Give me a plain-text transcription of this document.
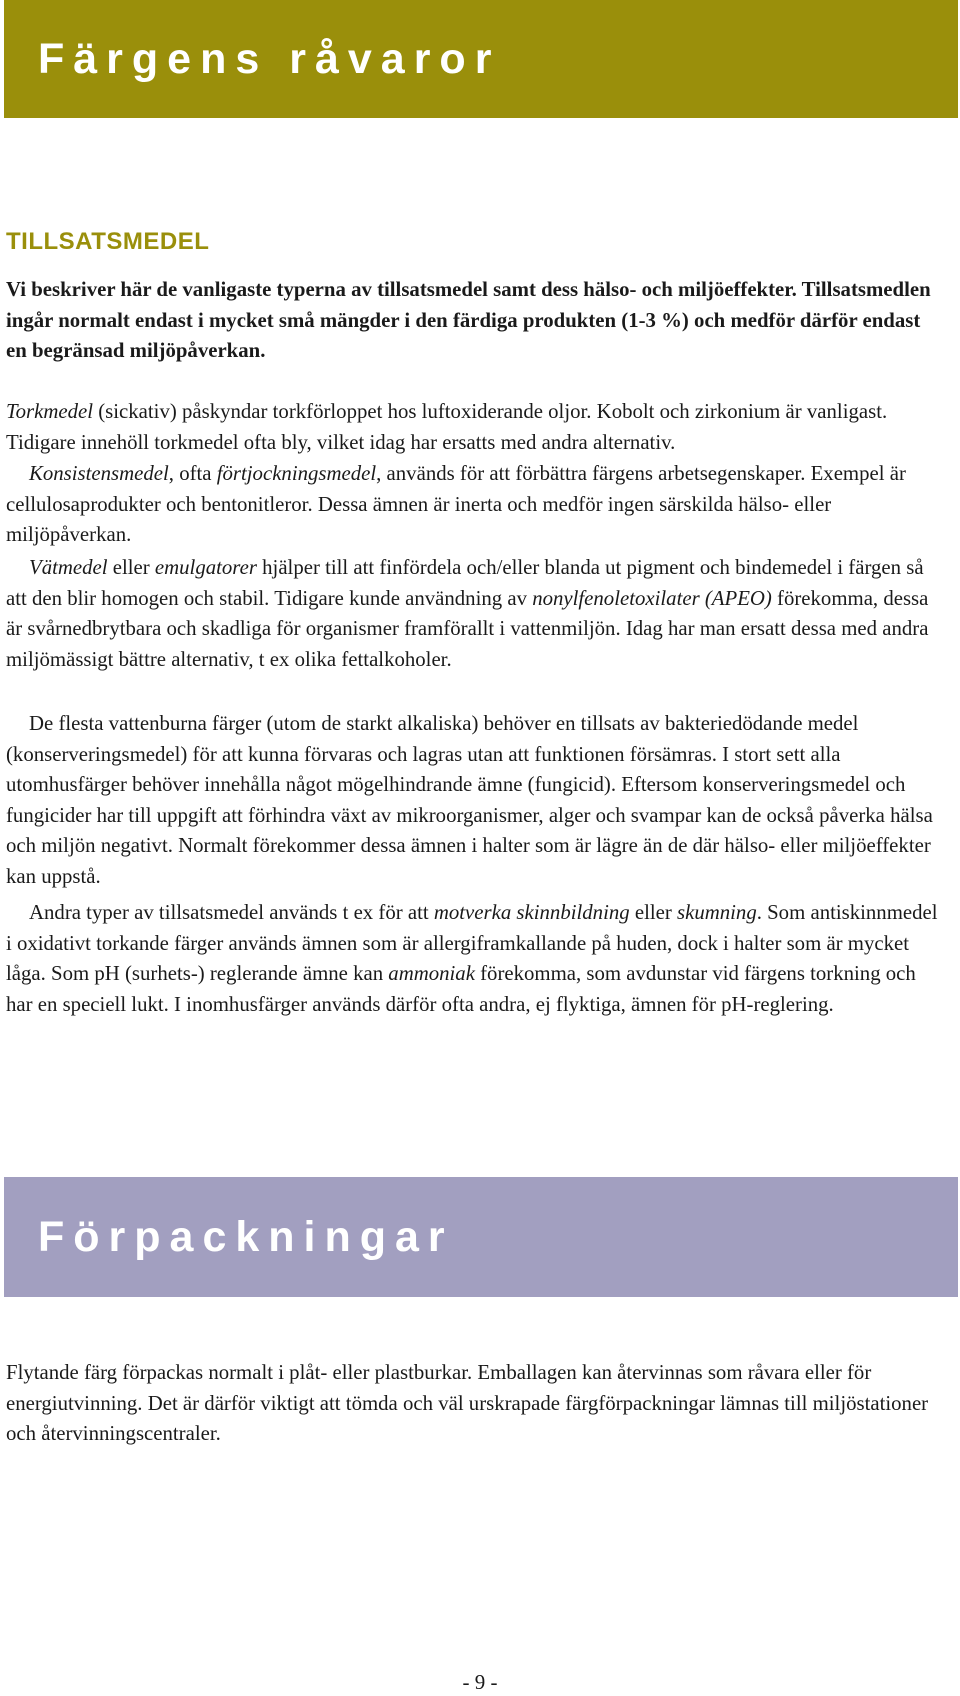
Färgens råvaror
TILLSATSMEDEL

Vi beskriver här de vanligaste typerna av tillsatsmedel samt dess hälso- och miljöeffekter. Tillsatsmedlen ingår normalt endast i mycket små mängder i den färdiga produkten (1-3 %) och medför därför endast en begränsad miljöpåverkan.

Torkmedel (sickativ) påskyndar torkförloppet hos luftoxiderande oljor. Kobolt och zirkonium är vanligast. Tidigare innehöll torkmedel ofta bly, vilket idag har ersatts med andra alternativ.

Konsistensmedel, ofta förtjockningsmedel, används för att förbättra färgens arbetsegenskaper. Exempel är cellulosaprodukter och bentonitleror. Dessa ämnen är inerta och medför ingen särskilda hälso- eller miljöpåverkan.

Vätmedel eller emulgatorer hjälper till att finfördela och/eller blanda ut pigment och bindemedel i färgen så att den blir homogen och stabil. Tidigare kunde användning av nonylfenoletoxilater (APEO) förekomma, dessa är svårnedbrytbara och skadliga för organismer framförallt i vattenmiljön. Idag har man ersatt dessa med andra miljömässigt bättre alternativ, t ex olika fettalkoholer.

De flesta vattenburna färger (utom de starkt alkaliska) behöver en tillsats av bakteriedödande medel (konserveringsmedel) för att kunna förvaras och lagras utan att funktionen försämras. I stort sett alla utomhusfärger behöver innehålla något mögelhindrande ämne (fungicid). Eftersom konserveringsmedel och fungicider har till uppgift att förhindra växt av mikroorganismer, alger och svampar kan de också påverka hälsa och miljön negativt. Normalt förekommer dessa ämnen i halter som är lägre än de där hälso- eller miljöeffekter kan uppstå.

Andra typer av tillsatsmedel används t ex för att motverka skinnbildning eller skumning. Som antiskinnmedel i oxidativt torkande färger används ämnen som är allergiframkallande på huden, dock i halter som är mycket låga. Som pH (surhets-) reglerande ämne kan ammoniak förekomma, som avdunstar vid färgens torkning och har en speciell lukt. I inomhusfärger används därför ofta andra, ej flyktiga, ämnen för pH-reglering.

Förpackningar

Flytande färg förpackas normalt i plåt- eller plastburkar. Emballagen kan återvinnas som råvara eller för energiutvinning. Det är därför viktigt att tömda och väl urskrapade färgförpackningar lämnas till miljöstationer och återvinningscentraler.

- 9 -
